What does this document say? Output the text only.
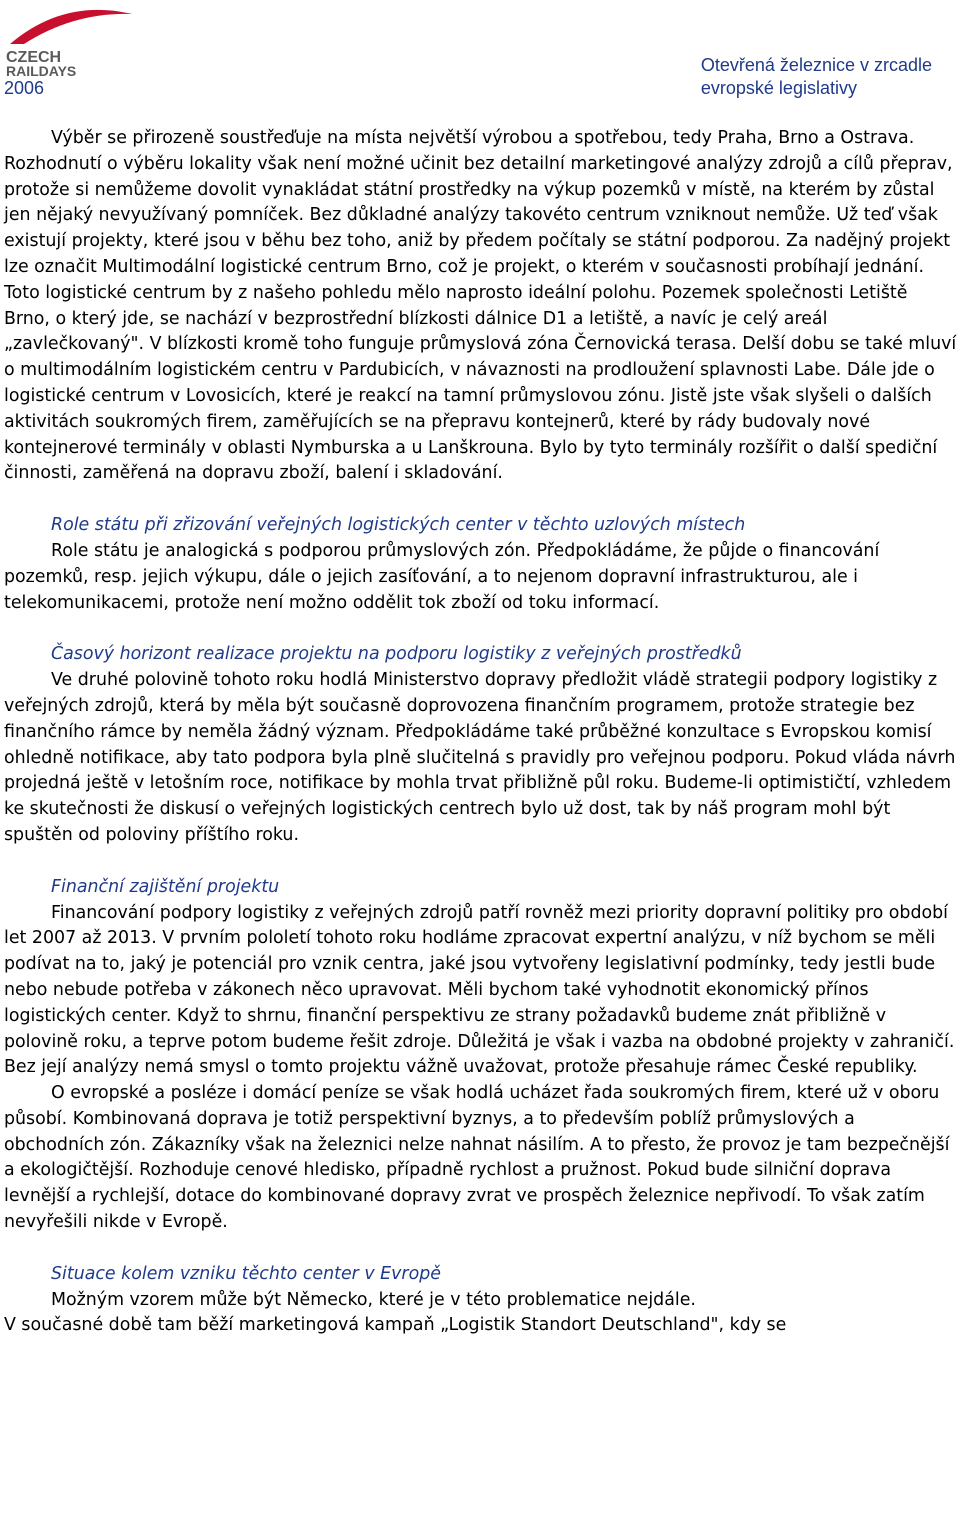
CZECH
RAILDAYS
2006
Otevřená železnice v zrcadle
evropské legislativy

Výběr se přirozeně soustřeďuje na místa největší výrobou a spotřebou, tedy Praha, Brno a Ostrava. Rozhodnutí o výběru lokality však není možné učinit bez detailní marketingové analýzy zdrojů a cílů přeprav, protože si nemůžeme dovolit vynakládat státní prostředky na výkup pozemků v místě, na kterém by zůstal jen nějaký nevyužívaný pomníček. Bez důkladné analýzy takovéto centrum vzniknout nemůže. Už teď však existují projekty, které jsou v běhu bez toho, aniž by předem počítaly se státní podporou. Za nadějný projekt lze označit Multimodální logistické centrum Brno, což je projekt, o kterém v současnosti probíhají jednání. Toto logistické centrum by z našeho pohledu mělo naprosto ideální polohu. Pozemek společnosti Letiště Brno, o který jde, se nachází v bezprostřední blízkosti dálnice D1 a letiště, a navíc je celý areál „zavlečkovaný". V blízkosti kromě toho funguje průmyslová zóna Černovická terasa. Delší dobu se také mluví o multimodálním logistickém centru v Pardubicích, v návaznosti na prodloužení splavnosti Labe. Dále jde o logistické centrum v Lovosicích, které je reakcí na tamní průmyslovou zónu. Jistě jste však slyšeli o dalších aktivitách soukromých firem, zaměřujících se na přepravu kontejnerů, které by rády budovaly nové kontejnerové terminály v oblasti Nymburska a u Lanškrouna. Bylo by tyto terminály rozšířit o další spediční činnosti, zaměřená na dopravu zboží, balení i skladování.

Role státu při zřizování veřejných logistických center v těchto uzlových místech

Role státu je analogická s podporou průmyslových zón. Předpokládáme, že půjde o financování pozemků, resp. jejich výkupu, dále o jejich zasíťování, a to nejenom dopravní infrastrukturou, ale i telekomunikacemi, protože není možno oddělit tok zboží od toku informací.

Časový horizont realizace projektu na podporu logistiky z veřejných prostředků

Ve druhé polovině tohoto roku hodlá Ministerstvo dopravy předložit vládě strategii podpory logistiky z veřejných zdrojů, která by měla být současně doprovozena finančním programem, protože strategie bez finančního rámce by neměla žádný význam. Předpokládáme také průběžné konzultace s Evropskou komisí ohledně notifikace, aby tato podpora byla plně slučitelná s pravidly pro veřejnou podporu. Pokud vláda návrh projedná ještě v letošním roce, notifikace by mohla trvat přibližně půl roku. Budeme-li optimističtí, vzhledem ke skutečnosti že diskusí o veřejných logistických centrech bylo už dost, tak by náš program mohl být spuštěn od poloviny příštího roku.

Finanční zajištění projektu

Financování podpory logistiky z veřejných zdrojů patří rovněž mezi priority dopravní politiky pro období let 2007 až 2013. V prvním pololetí tohoto roku hodláme zpracovat expertní analýzu, v níž bychom se měli podívat na to, jaký je potenciál pro vznik centra, jaké jsou vytvořeny legislativní podmínky, tedy jestli bude nebo nebude potřeba v zákonech něco upravovat. Měli bychom také vyhodnotit ekonomický přínos logistických center. Když to shrnu, finanční perspektivu ze strany požadavků budeme znát přibližně v polovině roku, a teprve potom budeme řešit zdroje. Důležitá je však i vazba na obdobné projekty v zahraničí. Bez její analýzy nemá smysl o tomto projektu vážně uvažovat, protože přesahuje rámec České republiky.

O evropské a posléze i domácí peníze se však hodlá ucházet řada soukromých firem, které už v oboru působí. Kombinovaná doprava je totiž perspektivní byznys, a to především poblíž průmyslových a obchodních zón. Zákazníky však na železnici nelze nahnat násilím. A to přesto, že provoz je tam bezpečnější a ekologičtější. Rozhoduje cenové hledisko, případně rychlost a pružnost. Pokud bude silniční doprava levnější a rychlejší, dotace do kombinované dopravy zvrat ve prospěch železnice nepřivodí. To však zatím nevyřešili nikde v Evropě.

Situace kolem vzniku těchto center v Evropě

Možným vzorem může být Německo, které je v této problematice nejdále.

V současné době tam běží marketingová kampaň „Logistik Standort Deutschland", kdy se
